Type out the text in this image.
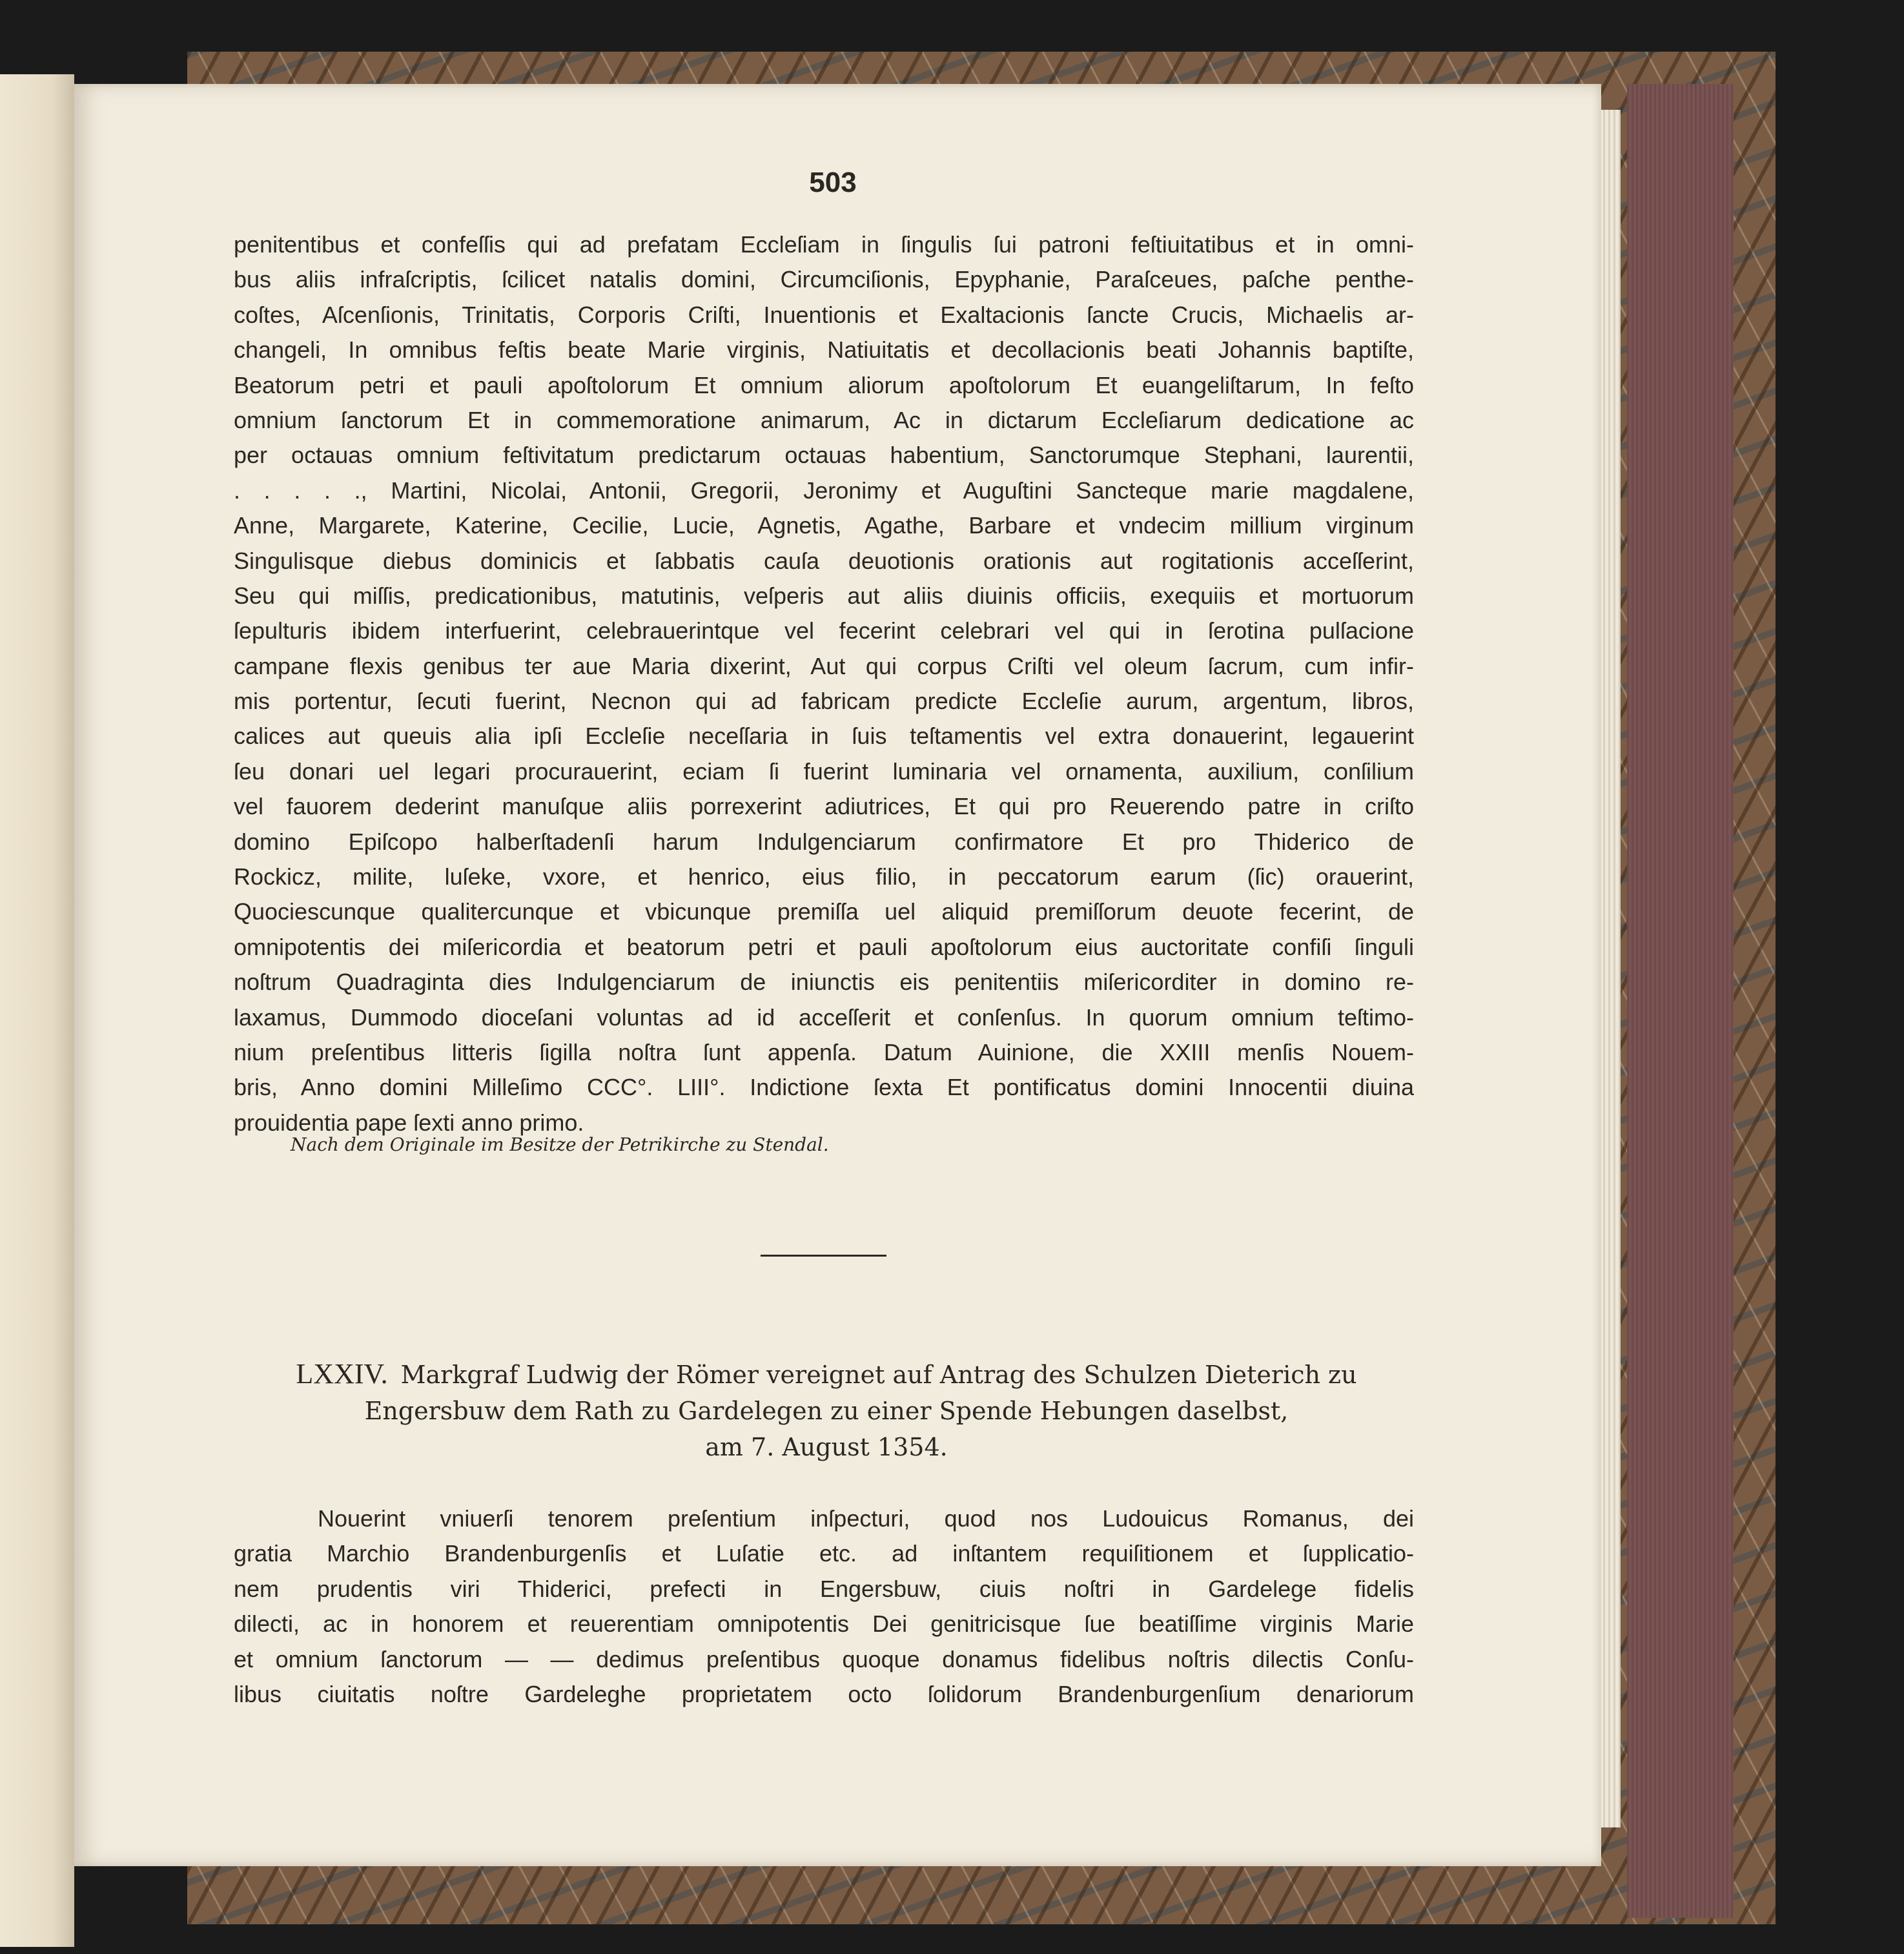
503
penitentibus et confeſſis qui ad prefatam Eccleſiam in ſingulis ſui patroni feſtiuitatibus et in omni-
bus aliis infraſcriptis, ſcilicet natalis domini, Circumciſionis, Epyphanie, Paraſceues, paſche penthe-
coſtes, Aſcenſionis, Trinitatis, Corporis Criſti, Inuentionis et Exaltacionis ſancte Crucis, Michaelis ar-
changeli, In omnibus feſtis beate Marie virginis, Natiuitatis et decollacionis beati Johannis baptiſte,
Beatorum petri et pauli apoſtolorum Et omnium aliorum apoſtolorum Et euangeliſtarum, In feſto
omnium ſanctorum Et in commemoratione animarum, Ac in dictarum Eccleſiarum dedicatione ac
per octauas omnium feſtivitatum predictarum octauas habentium, Sanctorumque Stephani, laurentii,
. . . . ., Martini, Nicolai, Antonii, Gregorii, Jeronimy et Auguſtini Sancteque marie magdalene,
Anne, Margarete, Katerine, Cecilie, Lucie, Agnetis, Agathe, Barbare et vndecim millium virginum
Singulisque diebus dominicis et ſabbatis cauſa deuotionis orationis aut rogitationis acceſſerint,
Seu qui miſſis, predicationibus, matutinis, veſperis aut aliis diuinis officiis, exequiis et mortuorum
ſepulturis ibidem interfuerint, celebrauerintque vel fecerint celebrari vel qui in ſerotina pulſacione
campane flexis genibus ter aue Maria dixerint, Aut qui corpus Criſti vel oleum ſacrum, cum infir-
mis portentur, ſecuti fuerint, Necnon qui ad fabricam predicte Eccleſie aurum, argentum, libros,
calices aut queuis alia ipſi Eccleſie neceſſaria in ſuis teſtamentis vel extra donauerint, legauerint
ſeu donari uel legari procurauerint, eciam ſi fuerint luminaria vel ornamenta, auxilium, conſilium
vel fauorem dederint manuſque aliis porrexerint adiutrices, Et qui pro Reuerendo patre in criſto
domino Epiſcopo halberſtadenſi harum Indulgenciarum confirmatore Et pro Thiderico de
Rockicz, milite, luſeke, vxore, et henrico, eius filio, in peccatorum earum (ſic) orauerint,
Quociescunque qualitercunque et vbicunque premiſſa uel aliquid premiſſorum deuote fecerint, de
omnipotentis dei miſericordia et beatorum petri et pauli apoſtolorum eius auctoritate confiſi ſinguli
noſtrum Quadraginta dies Indulgenciarum de iniunctis eis penitentiis miſericorditer in domino re-
laxamus, Dummodo dioceſani voluntas ad id acceſſerit et conſenſus. In quorum omnium teſtimo-
nium preſentibus litteris ſigilla noſtra ſunt appenſa. Datum Auinione, die XXIII menſis Nouem-
bris, Anno domini Milleſimo CCC°. LIII°. Indictione ſexta Et pontificatus domini Innocentii diuina
prouidentia pape ſexti anno primo.
Nach dem Originale im Besitze der Petrikirche zu Stendal.
LXXIV. Markgraf Ludwig der Römer vereignet auf Antrag des Schulzen Dieterich zu
Engersbuw dem Rath zu Gardelegen zu einer Spende Hebungen daselbst,
am 7. August 1354.
Nouerint vniuerſi tenorem preſentium inſpecturi, quod nos Ludouicus Romanus, dei
gratia Marchio Brandenburgenſis et Luſatie etc. ad inſtantem requiſitionem et ſupplicatio-
nem prudentis viri Thiderici, prefecti in Engersbuw, ciuis noſtri in Gardelege fidelis
dilecti, ac in honorem et reuerentiam omnipotentis Dei genitricisque ſue beatiſſime virginis Marie
et omnium ſanctorum — — dedimus preſentibus quoque donamus fidelibus noſtris dilectis Conſu-
libus ciuitatis noſtre Gardeleghe proprietatem octo ſolidorum Brandenburgenſium denariorum
